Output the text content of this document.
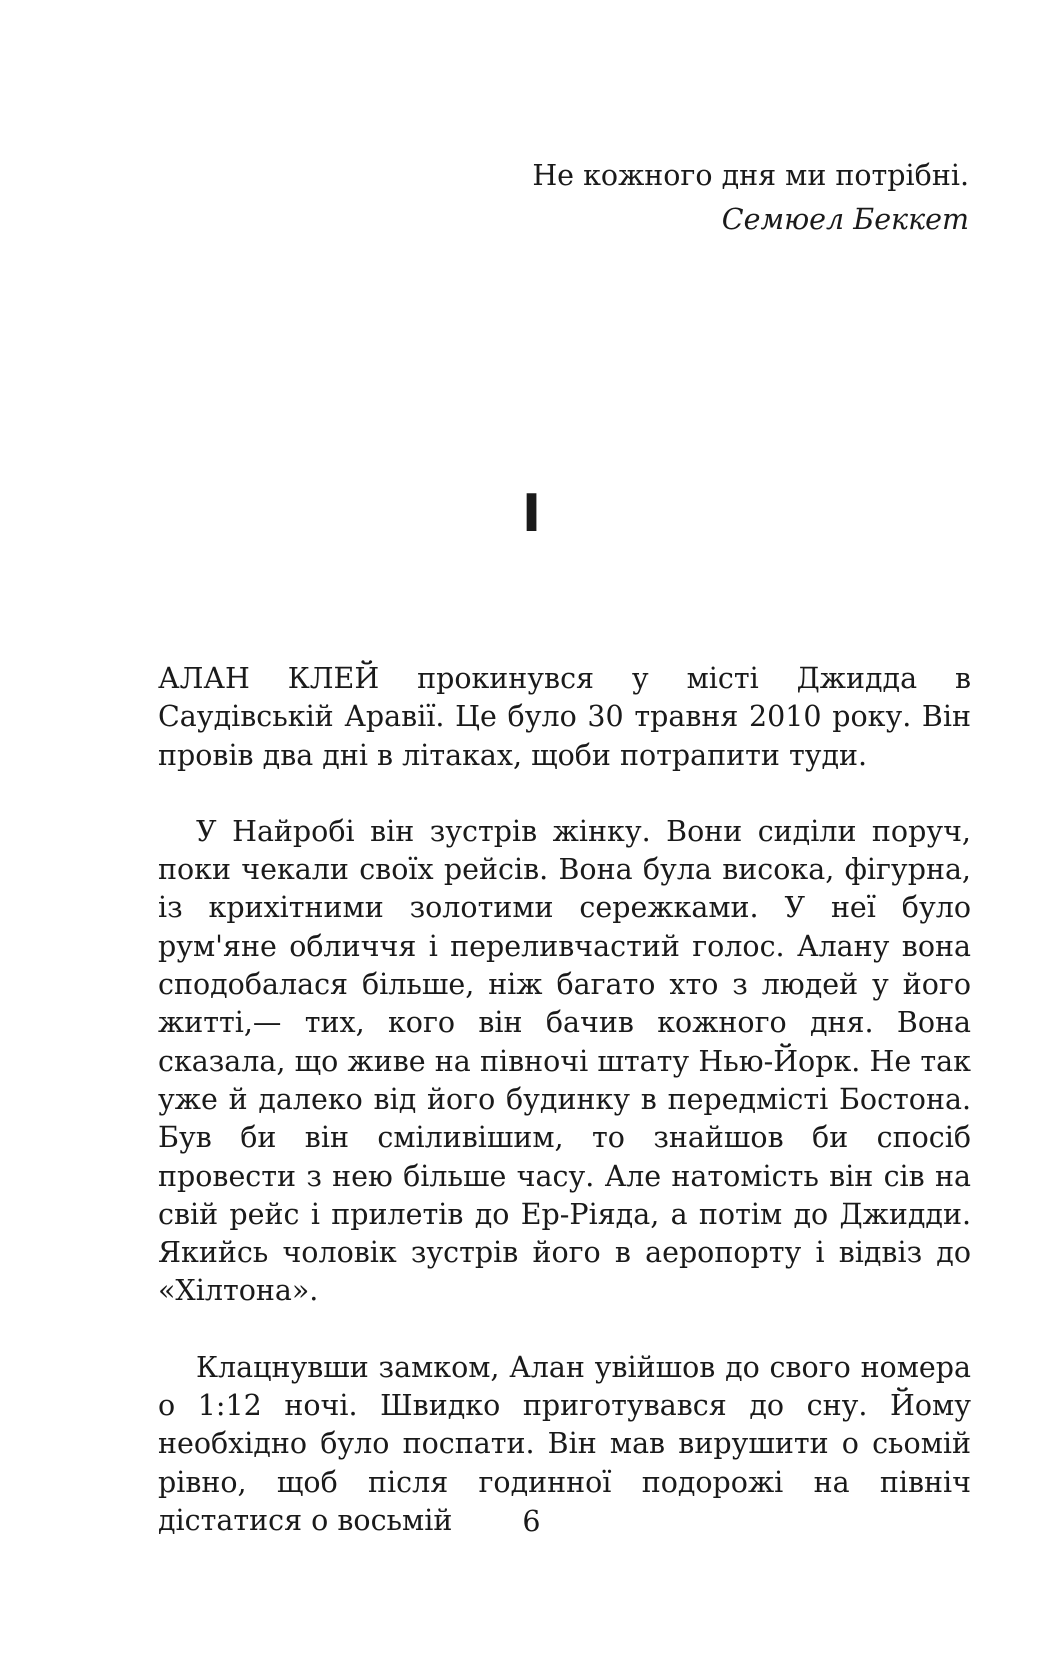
Не кожного дня ми потрібні.
Семюел Беккет
I

АЛАН КЛЕЙ прокинувся у місті Джидда в Саудівській Аравії. Це було 30 травня 2010 року. Він провів два дні в літаках, щоби потрапити туди.

У Найробі він зустрів жінку. Вони сиділи поруч, поки чекали своїх рейсів. Вона була висока, фігурна, із крихітними золотими сережками. У неї було рум'яне обличчя і переливчастий голос. Алану вона сподобалася більше, ніж багато хто з людей у його житті,— тих, кого він бачив кожного дня. Вона сказала, що живе на півночі штату Нью-Йорк. Не так уже й далеко від його будинку в передмісті Бостона. Був би він сміливішим, то знайшов би спосіб провести з нею більше часу. Але натомість він сів на свій рейс і прилетів до Ер-Ріяда, а потім до Джидди. Якийсь чоловік зустрів його в аеропорту і відвіз до «Хілтона».

Клацнувши замком, Алан увійшов до свого номера о 1:12 ночі. Швидко приготувався до сну. Йому необхідно було поспати. Він мав вирушити о сьомій рівно, щоб після годинної подорожі на північ дістатися о восьмій	6
